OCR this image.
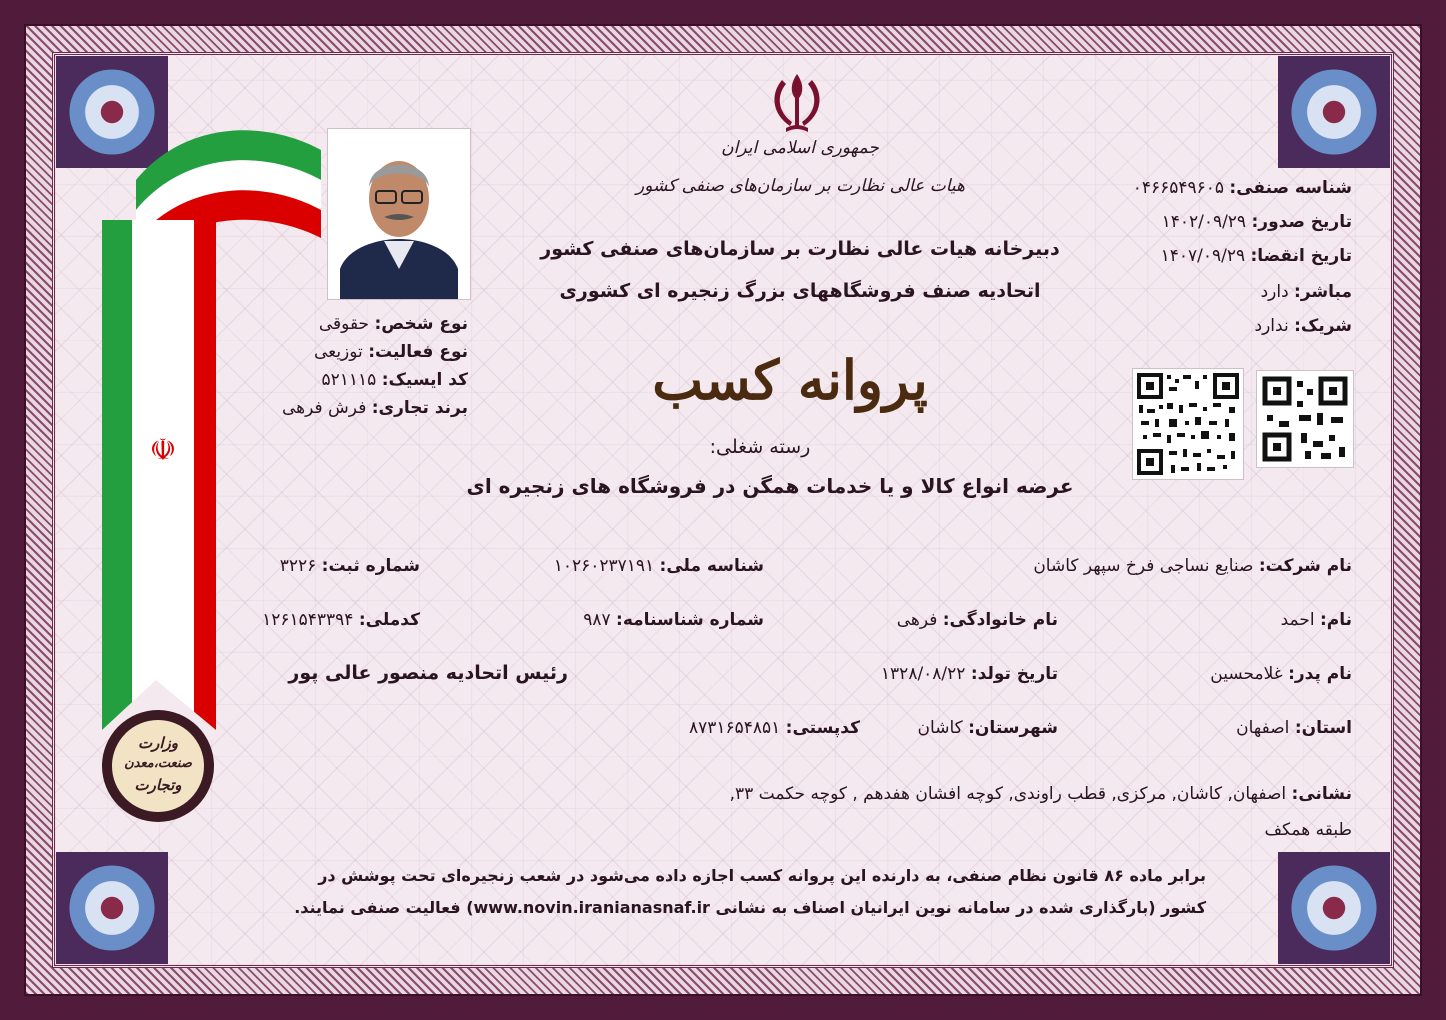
☫
وزارت
صنعت،معدن
وتجارت
جمهوری اسلامی ایران
هیات عالی نظارت بر سازمان‌های صنفی کشور
دبیرخانه هیات عالی نظارت بر سازمان‌های صنفی کشور
اتحادیه صنف فروشگاههای بزرگ زنجیره ای کشوری
پروانه کسب
رسته شغلی:
عرضه انواع کالا و یا خدمات همگن در فروشگاه های زنجیره ای
نوع شخص: حقوقی
نوع فعالیت: توزیعی
کد ایسیک: ۵۲۱۱۱۵
برند تجاری: فرش فرهی
شناسه صنفی: ۰۴۶۶۵۴۹۶۰۵
تاریخ صدور: ۱۴۰۲/۰۹/۲۹
تاریخ انقضا: ۱۴۰۷/۰۹/۲۹
مباشر: دارد
شریک: ندارد
نام شرکت: صنایع نساجی فرخ سپهر کاشان
شناسه ملی: ۱۰۲۶۰۲۳۷۱۹۱
شماره ثبت: ۳۲۲۶
نام: احمد
نام خانوادگی: فرهی
شماره شناسنامه: ۹۸۷
کدملی: ۱۲۶۱۵۴۳۳۹۴
نام پدر: غلامحسین
تاریخ تولد: ۱۳۲۸/۰۸/۲۲
رئیس اتحادیه منصور عالی پور
استان: اصفهان
شهرستان: کاشان
کدپستی: ۸۷۳۱۶۵۴۸۵۱
نشانی: اصفهان, کاشان, مرکزی, قطب راوندی, کوچه افشان هفدهم , کوچه حکمت ۳۳,
طبقه همکف
برابر ماده ۸۶ قانون نظام صنفی، به دارنده این پروانه کسب اجازه داده می‌شود در شعب زنجیره‌ای تحت پوشش در
کشور (بارگذاری شده در سامانه نوین ایرانیان اصناف به نشانی www.novin.iranianasnaf.ir) فعالیت صنفی نمایند.
